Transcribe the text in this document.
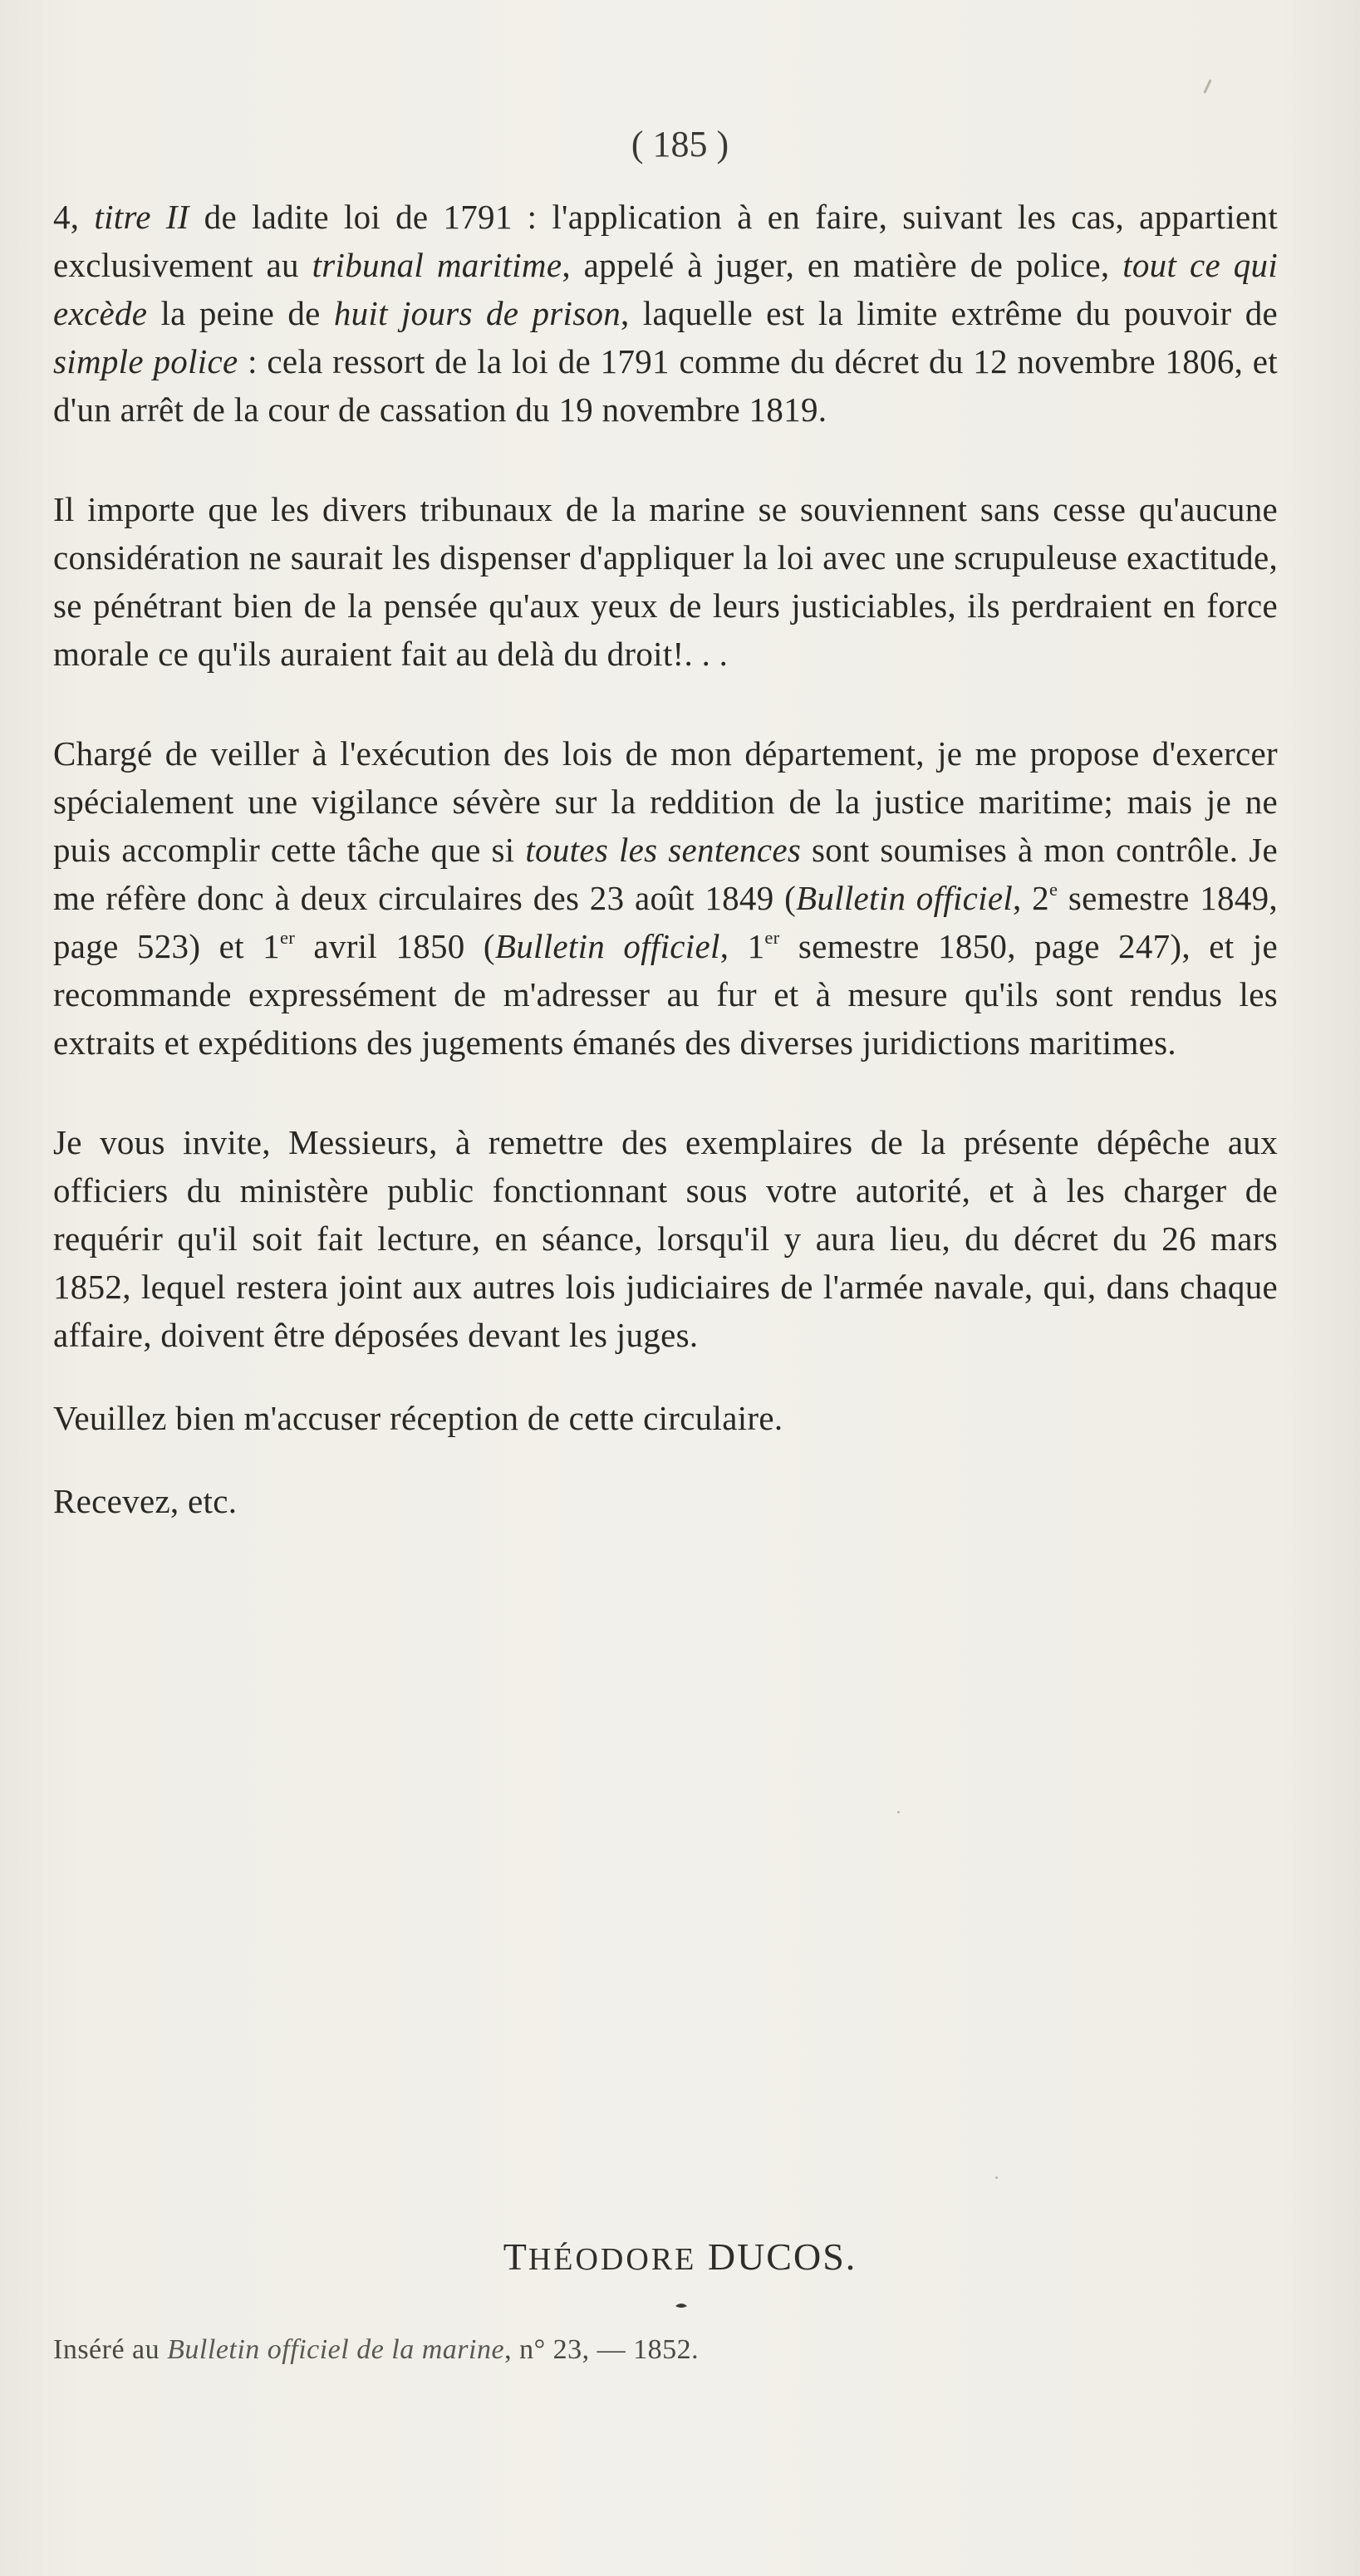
( 185 )

4, titre II de ladite loi de 1791 : l'application à en faire, suivant les cas, appartient exclusivement au tribunal maritime, appelé à juger, en matière de police, tout ce qui excède la peine de huit jours de prison, laquelle est la limite extrême du pouvoir de simple police : cela ressort de la loi de 1791 comme du décret du 12 novembre 1806, et d'un arrêt de la cour de cassation du 19 novembre 1819.

Il importe que les divers tribunaux de la marine se souviennent sans cesse qu'aucune considération ne saurait les dispenser d'appliquer la loi avec une scrupuleuse exactitude, se pénétrant bien de la pensée qu'aux yeux de leurs justiciables, ils perdraient en force morale ce qu'ils auraient fait au delà du droit!. . .

Chargé de veiller à l'exécution des lois de mon département, je me propose d'exercer spécialement une vigilance sévère sur la reddition de la justice maritime; mais je ne puis accomplir cette tâche que si toutes les sentences sont soumises à mon contrôle. Je me réfère donc à deux circulaires des 23 août 1849 (Bulletin officiel, 2e semestre 1849, page 523) et 1er avril 1850 (Bulletin officiel, 1er semestre 1850, page 247), et je recommande expressément de m'adresser au fur et à mesure qu'ils sont rendus les extraits et expéditions des jugements émanés des diverses juridictions maritimes.

Je vous invite, Messieurs, à remettre des exemplaires de la présente dépêche aux officiers du ministère public fonctionnant sous votre autorité, et à les charger de requérir qu'il soit fait lecture, en séance, lorsqu'il y aura lieu, du décret du 26 mars 1852, lequel restera joint aux autres lois judiciaires de l'armée navale, qui, dans chaque affaire, doivent être déposées devant les juges.

Veuillez bien m'accuser réception de cette circulaire.

Recevez, etc.

THÉODORE DUCOS.
Inséré au Bulletin officiel de la marine, n° 23, — 1852.
